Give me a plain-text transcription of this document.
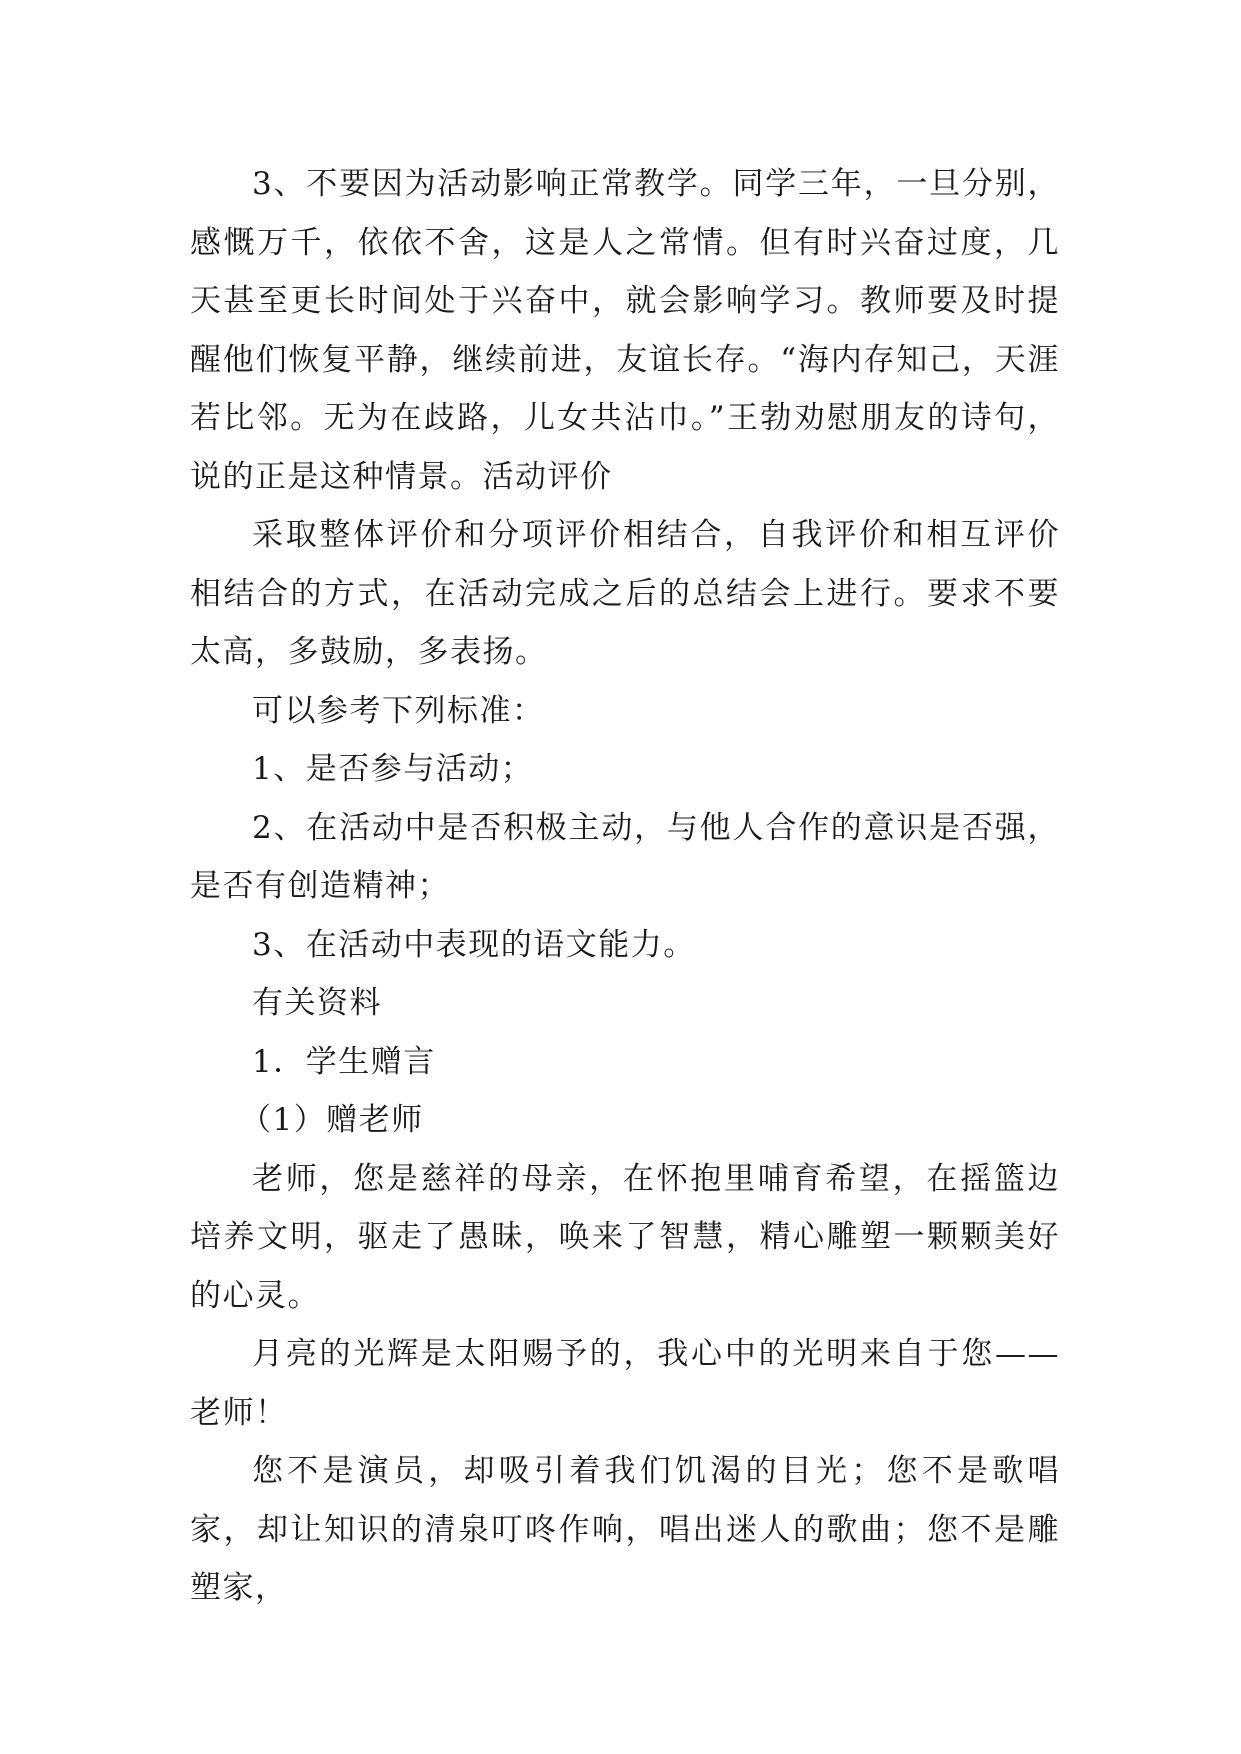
3、不要因为活动影响正常教学。同学三年，一旦分别，感慨万千，依依不舍，这是人之常情。但有时兴奋过度，几天甚至更长时间处于兴奋中，就会影响学习。教师要及时提醒他们恢复平静，继续前进，友谊长存。“海内存知己，天涯若比邻。无为在歧路，儿女共沾巾。”王勃劝慰朋友的诗句，说的正是这种情景。活动评价

采取整体评价和分项评价相结合，自我评价和相互评价相结合的方式，在活动完成之后的总结会上进行。要求不要太高，多鼓励，多表扬。

可以参考下列标准：

1、是否参与活动；

2、在活动中是否积极主动，与他人合作的意识是否强，是否有创造精神；

3、在活动中表现的语文能力。

有关资料

1．学生赠言

（1）赠老师

老师，您是慈祥的母亲，在怀抱里哺育希望，在摇篮边培养文明，驱走了愚昧，唤来了智慧，精心雕塑一颗颗美好的心灵。

月亮的光辉是太阳赐予的，我心中的光明来自于您——老师！

您不是演员，却吸引着我们饥渴的目光；您不是歌唱家，却让知识的清泉叮咚作响，唱出迷人的歌曲；您不是雕塑家，
